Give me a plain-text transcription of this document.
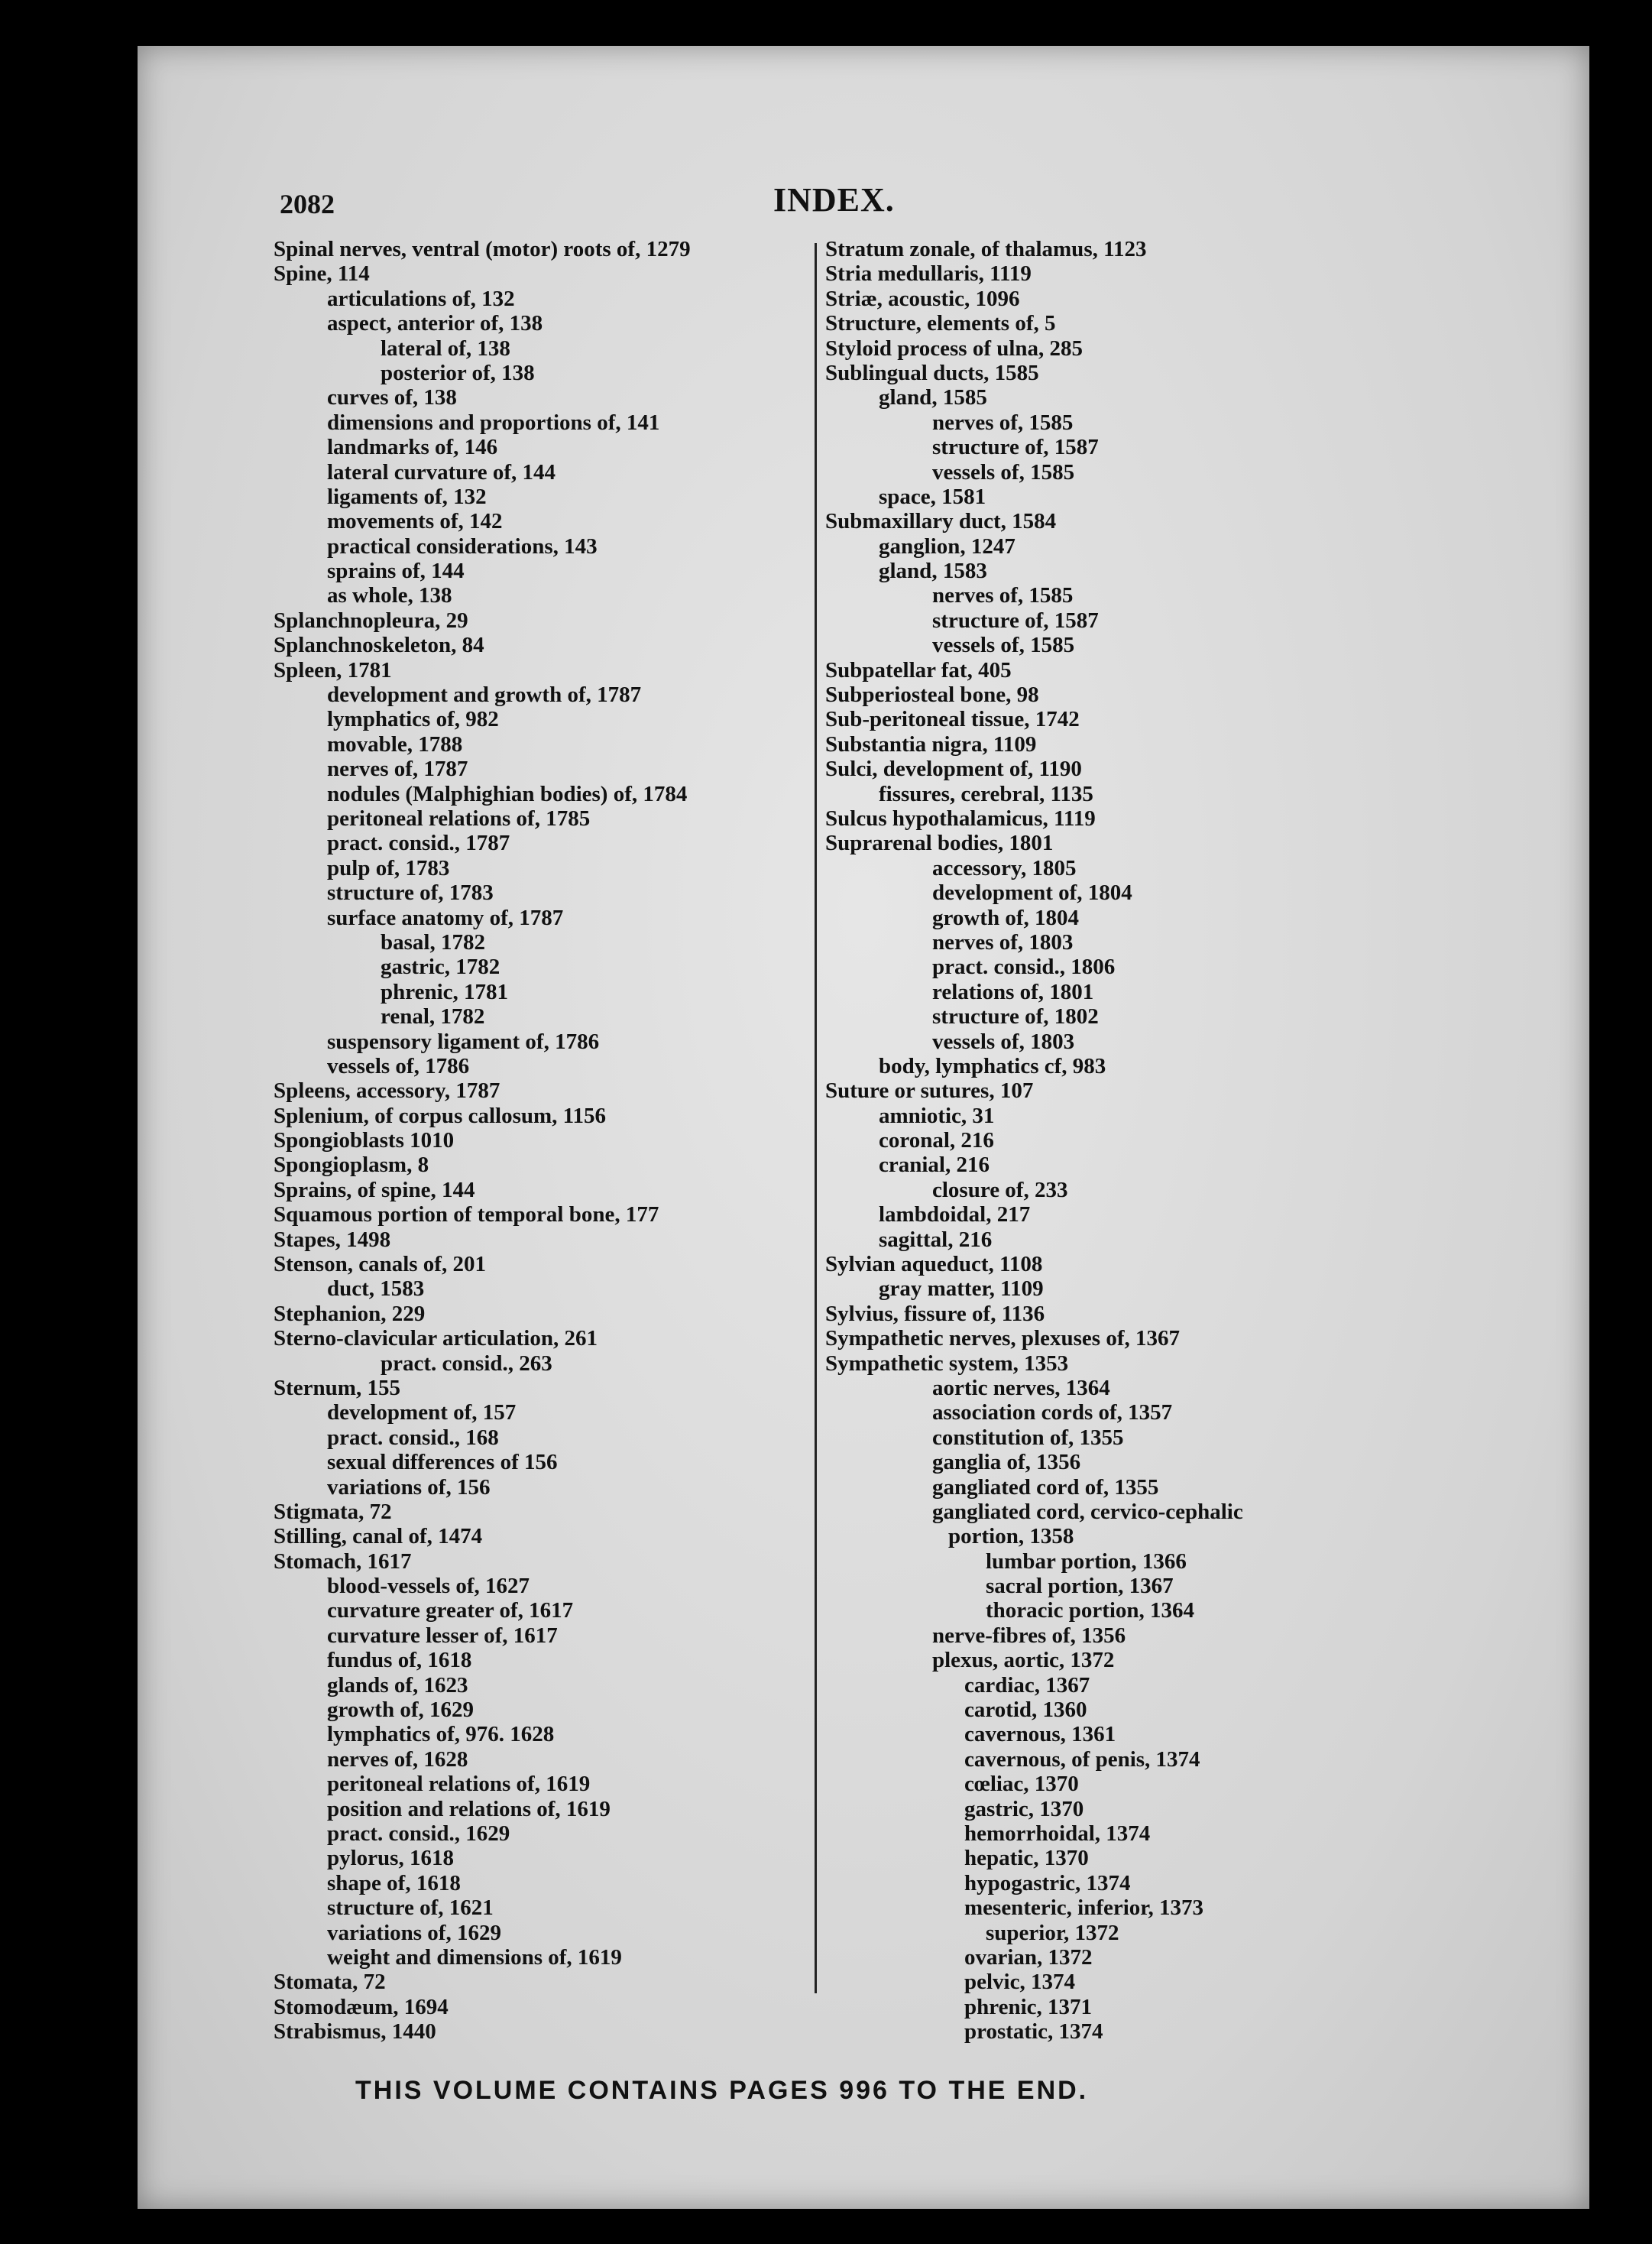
2082	INDEX.
Spinal nerves, ventral (motor) roots of, 1279
Spine, 114
articulations of, 132
aspect, anterior of, 138
lateral of, 138
posterior of, 138
curves of, 138
dimensions and proportions of, 141
landmarks of, 146
lateral curvature of, 144
ligaments of, 132
movements of, 142
practical considerations, 143
sprains of, 144
as whole, 138
Splanchnopleura, 29
Splanchnoskeleton, 84
Spleen, 1781
development and growth of, 1787
lymphatics of, 982
movable, 1788
nerves of, 1787
nodules (Malphighian bodies) of, 1784
peritoneal relations of, 1785
pract. consid., 1787
pulp of, 1783
structure of, 1783
surface anatomy of, 1787
basal, 1782
gastric, 1782
phrenic, 1781
renal, 1782
suspensory ligament of, 1786
vessels of, 1786
Spleens, accessory, 1787
Splenium, of corpus callosum, 1156
Spongioblasts 1010
Spongioplasm, 8
Sprains, of spine, 144
Squamous portion of temporal bone, 177
Stapes, 1498
Stenson, canals of, 201
duct, 1583
Stephanion, 229
Sterno-clavicular articulation, 261
pract. consid., 263
Sternum, 155
development of, 157
pract. consid., 168
sexual differences of 156
variations of, 156
Stigmata, 72
Stilling, canal of, 1474
Stomach, 1617
blood-vessels of, 1627
curvature greater of, 1617
curvature lesser of, 1617
fundus of, 1618
glands of, 1623
growth of, 1629
lymphatics of, 976. 1628
nerves of, 1628
peritoneal relations of, 1619
position and relations of, 1619
pract. consid., 1629
pylorus, 1618
shape of, 1618
structure of, 1621
variations of, 1629
weight and dimensions of, 1619
Stomata, 72
Stomodæum, 1694
Strabismus, 1440
Stratum zonale, of thalamus, 1123
Stria medullaris, 1119
Striæ, acoustic, 1096
Structure, elements of, 5
Styloid process of ulna, 285
Sublingual ducts, 1585
gland, 1585
nerves of, 1585
structure of, 1587
vessels of, 1585
space, 1581
Submaxillary duct, 1584
ganglion, 1247
gland, 1583
nerves of, 1585
structure of, 1587
vessels of, 1585
Subpatellar fat, 405
Subperiosteal bone, 98
Sub-peritoneal tissue, 1742
Substantia nigra, 1109
Sulci, development of, 1190
fissures, cerebral, 1135
Sulcus hypothalamicus, 1119
Suprarenal bodies, 1801
accessory, 1805
development of, 1804
growth of, 1804
nerves of, 1803
pract. consid., 1806
relations of, 1801
structure of, 1802
vessels of, 1803
body, lymphatics cf, 983
Suture or sutures, 107
amniotic, 31
coronal, 216
cranial, 216
closure of, 233
lambdoidal, 217
sagittal, 216
Sylvian aqueduct, 1108
gray matter, 1109
Sylvius, fissure of, 1136
Sympathetic nerves, plexuses of, 1367
Sympathetic system, 1353
aortic nerves, 1364
association cords of, 1357
constitution of, 1355
ganglia of, 1356
gangliated cord of, 1355
gangliated cord, cervico-cephalic
portion, 1358
lumbar portion, 1366
sacral portion, 1367
thoracic portion, 1364
nerve-fibres of, 1356
plexus, aortic, 1372
cardiac, 1367
carotid, 1360
cavernous, 1361
cavernous, of penis, 1374
cœliac, 1370
gastric, 1370
hemorrhoidal, 1374
hepatic, 1370
hypogastric, 1374
mesenteric, inferior, 1373
superior, 1372
ovarian, 1372
pelvic, 1374
phrenic, 1371
prostatic, 1374
THIS VOLUME CONTAINS PAGES 996 TO THE END.
